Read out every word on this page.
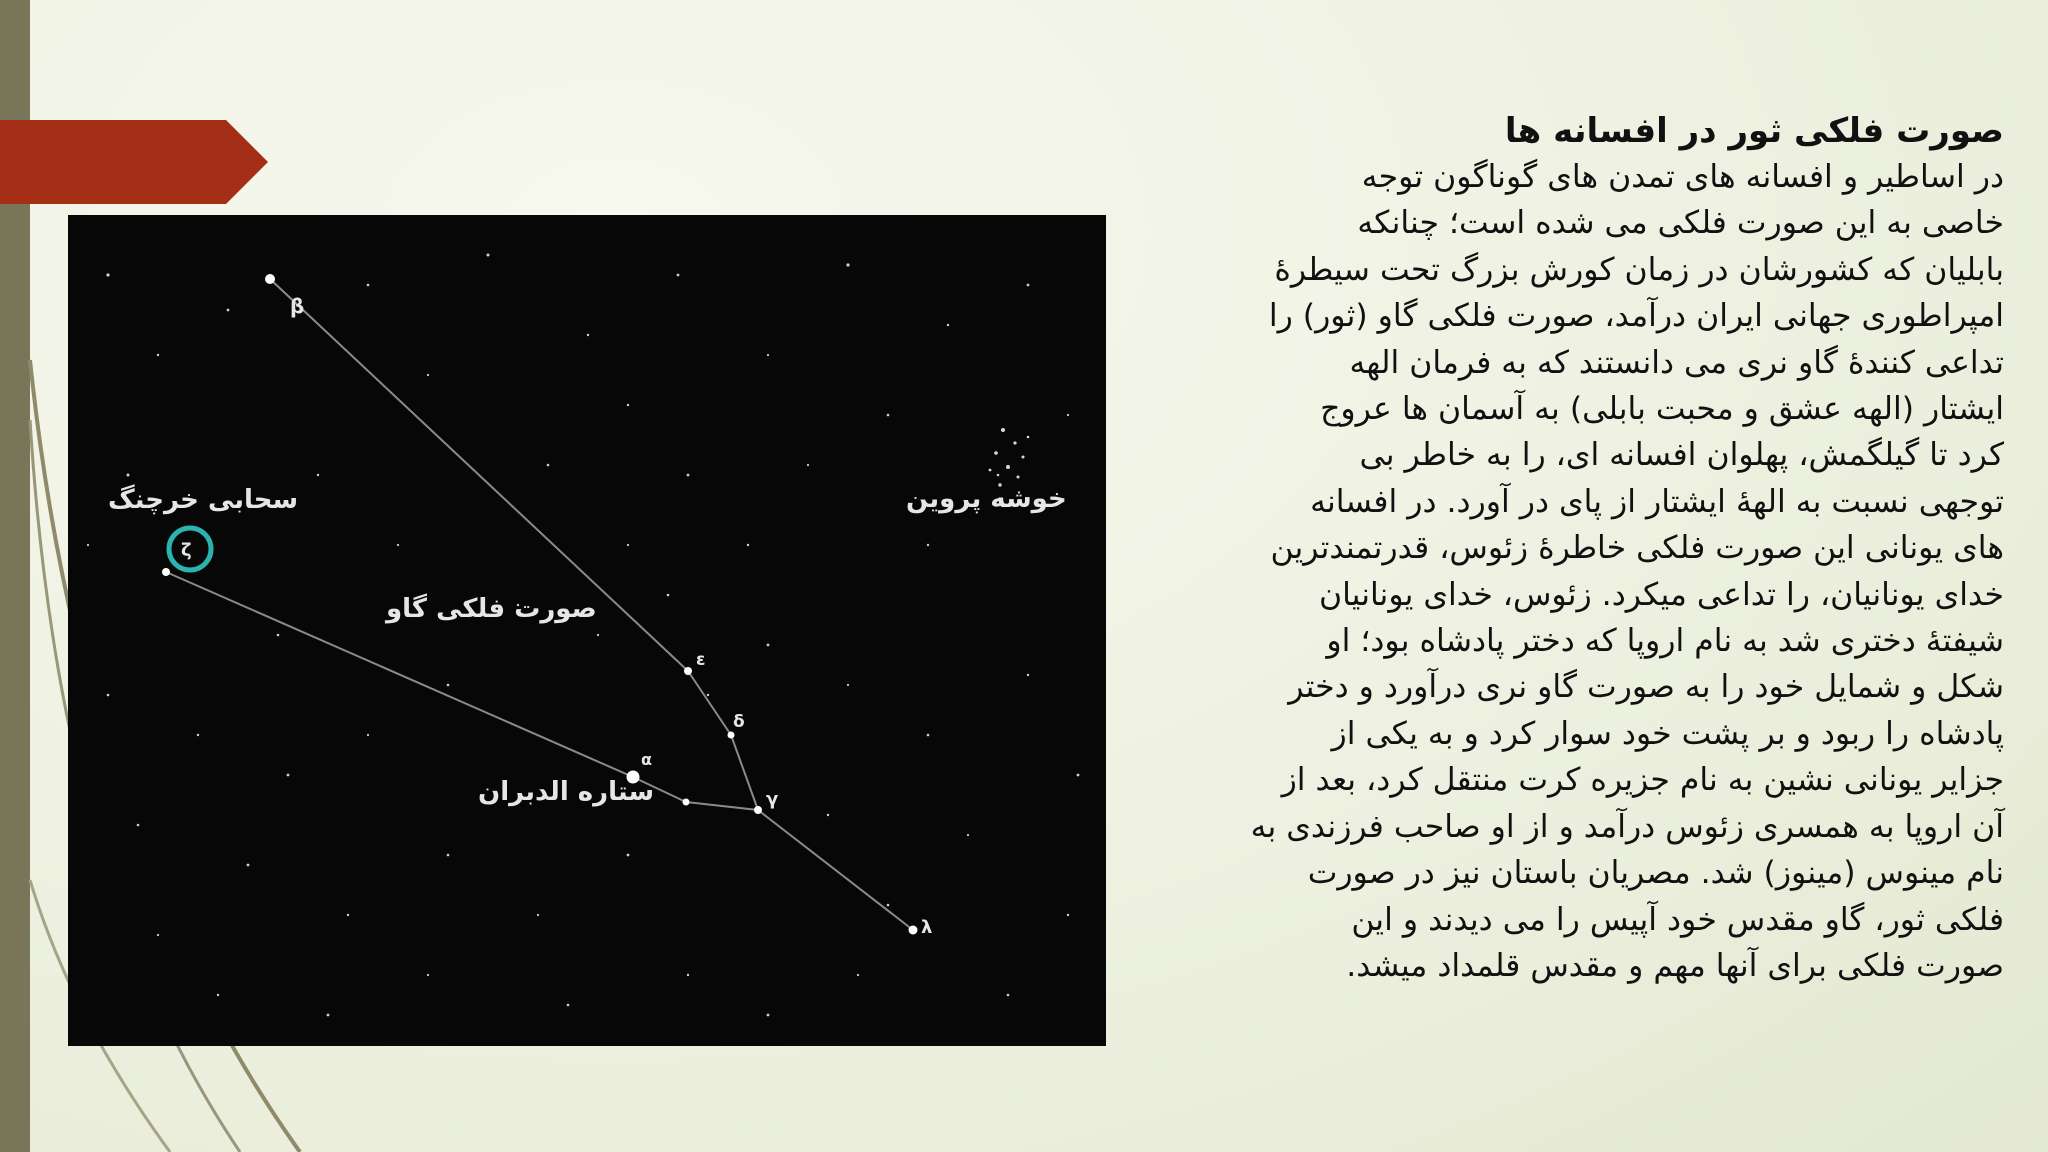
β
ζ
ε
δ
γ
λ
α
سحابی خرچنگ	خوشه پروین
صورت فلکی گاو
ستاره الدبران
صورت فلکی ثور در افسانه ها

در اساطیر و افسانه های تمدن های گوناگون توجه

خاصی به این صورت فلکی می شده است؛ چنانکه

بابلیان که کشورشان در زمان کورش بزرگ تحت سیطرهٔ

امپراطوری جهانی ایران درآمد، صورت فلکی گاو (ثور) را

تداعی کنندهٔ گاو نری می دانستند که به فرمان الهه

ایشتار (الهه عشق و محبت بابلی) به آسمان ها عروج

کرد تا گیلگمش، پهلوان افسانه ای، را به خاطر بی

توجهی نسبت به الههٔ ایشتار از پای در آورد. در افسانه

های یونانی این صورت فلکی خاطرهٔ زئوس، قدرتمندترین

خدای یونانیان، را تداعی میکرد. زئوس، خدای یونانیان

شیفتهٔ دختری شد به نام اروپا که دختر پادشاه بود؛ او

شکل و شمایل خود را به صورت گاو نری درآورد و دختر

پادشاه را ربود و بر پشت خود سوار کرد و به یکی از

جزایر یونانی نشین به نام جزیره کرت منتقل کرد، بعد از

آن اروپا به همسری زئوس درآمد و از او صاحب فرزندی به

نام مینوس (مینوز) شد. مصریان باستان نیز در صورت

فلکی ثور، گاو مقدس خود آپیس را می دیدند و این

صورت فلکی برای آنها مهم و مقدس قلمداد میشد.
